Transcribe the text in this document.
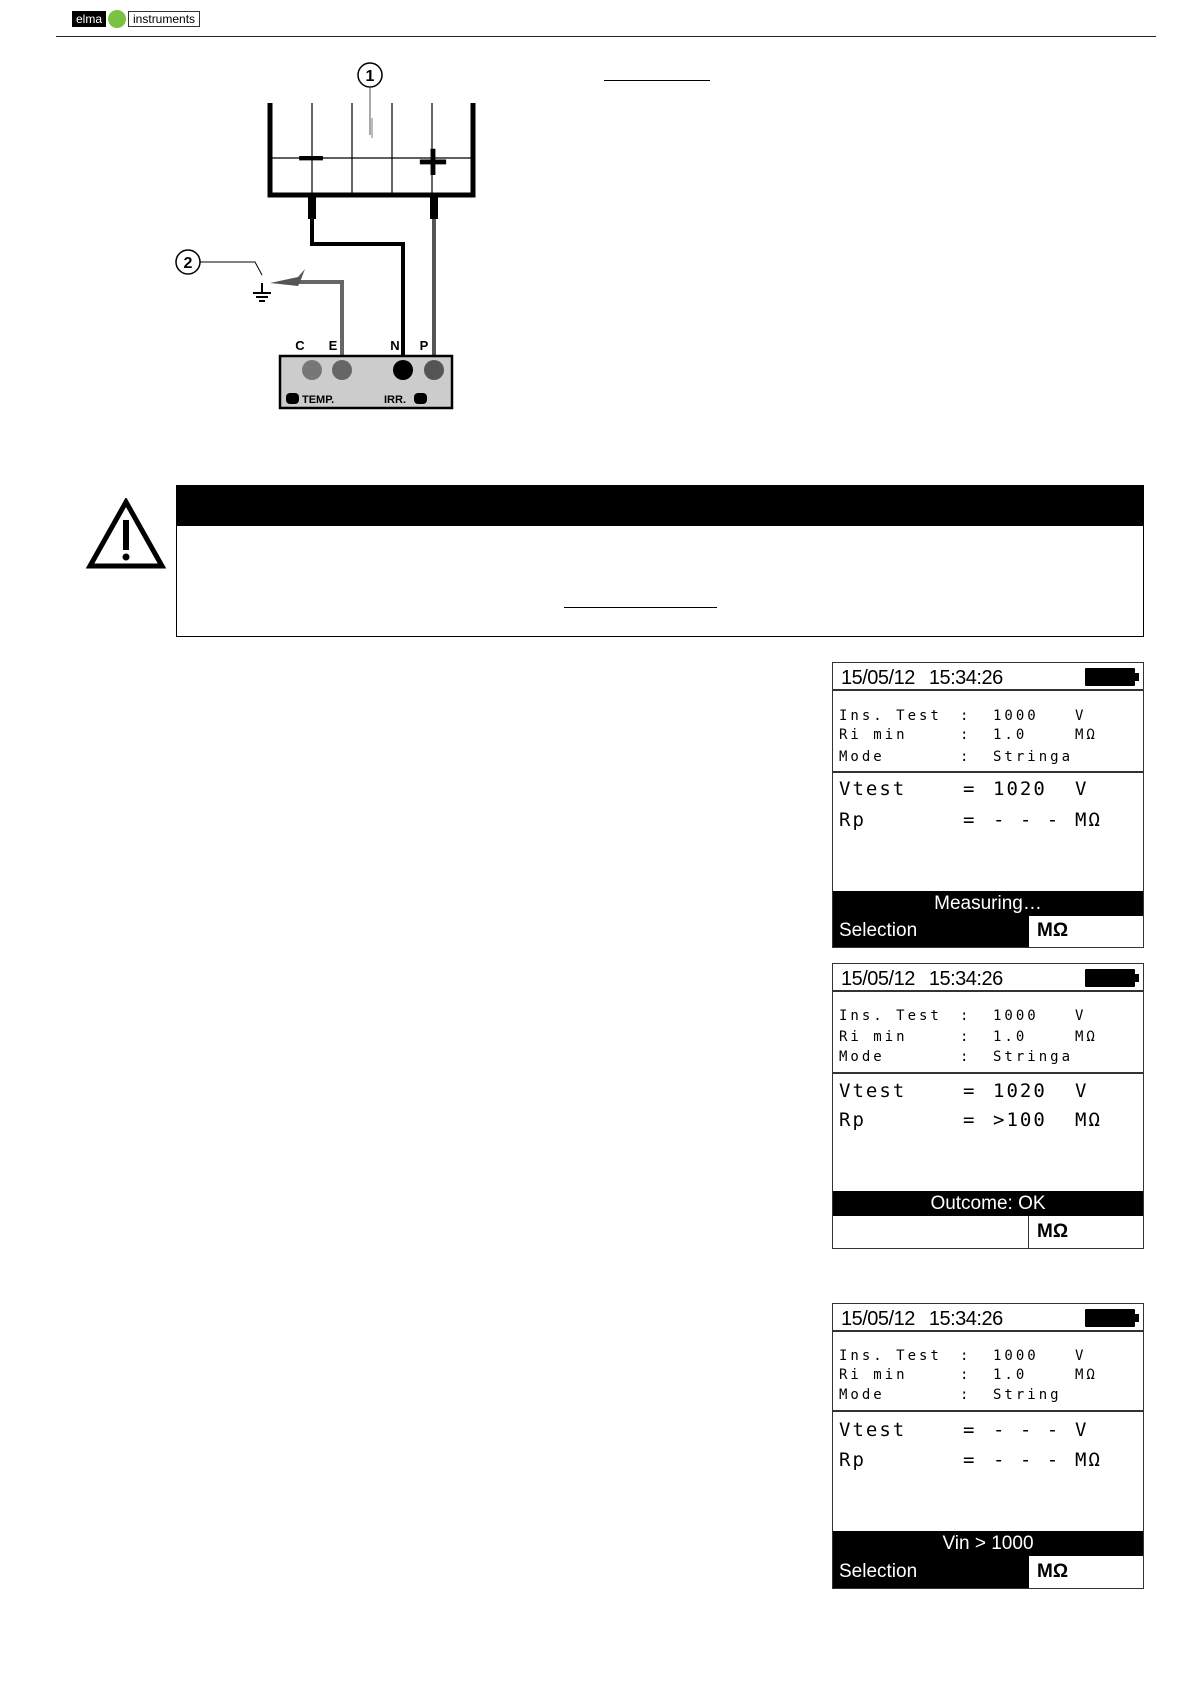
elma	instruments
− +
1
2
C E	N P
TEMP.	IRR.
15/05/12 15:34:26
Ins. Test : 1000	V
Ri min	: 1.0	MΩ
Mode	: Stringa
Vtest	= 1020 V
Rp	= - - - MΩ
Measuring…
Selection	MΩ
15/05/12 15:34:26
Ins. Test : 1000	V
Ri min	: 1.0	MΩ
Mode	: Stringa
Vtest	= 1020 V
Rp	= >100 MΩ
Outcome: OK
MΩ
15/05/12 15:34:26
Ins. Test : 1000	V
Ri min	: 1.0	MΩ
Mode	: String
Vtest	= - - - V
Rp	= - - - MΩ
Vin > 1000
Selection	MΩ
